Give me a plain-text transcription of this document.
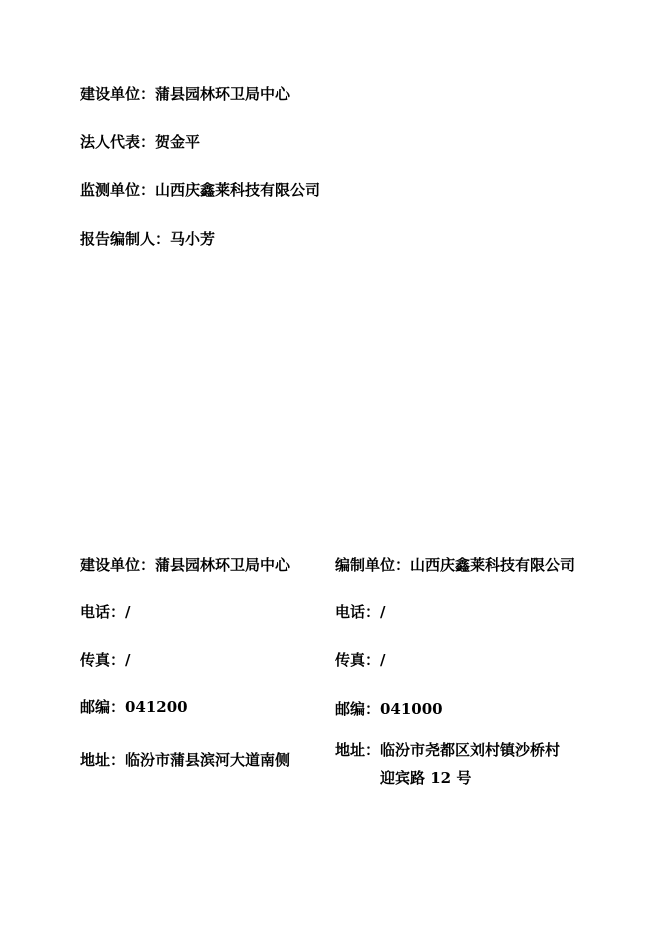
建设单位：蒲县园林环卫局中心
法人代表：贺金平
监测单位：山西庆鑫莱科技有限公司
报告编制人：马小芳
建设单位：蒲县园林环卫局中心
电话：/
传真：/
邮编：041200
地址：临汾市蒲县滨河大道南侧
编制单位：山西庆鑫莱科技有限公司
电话：/
传真：/
邮编：041000
地址：临汾市尧都区刘村镇沙桥村
迎宾路 12 号
